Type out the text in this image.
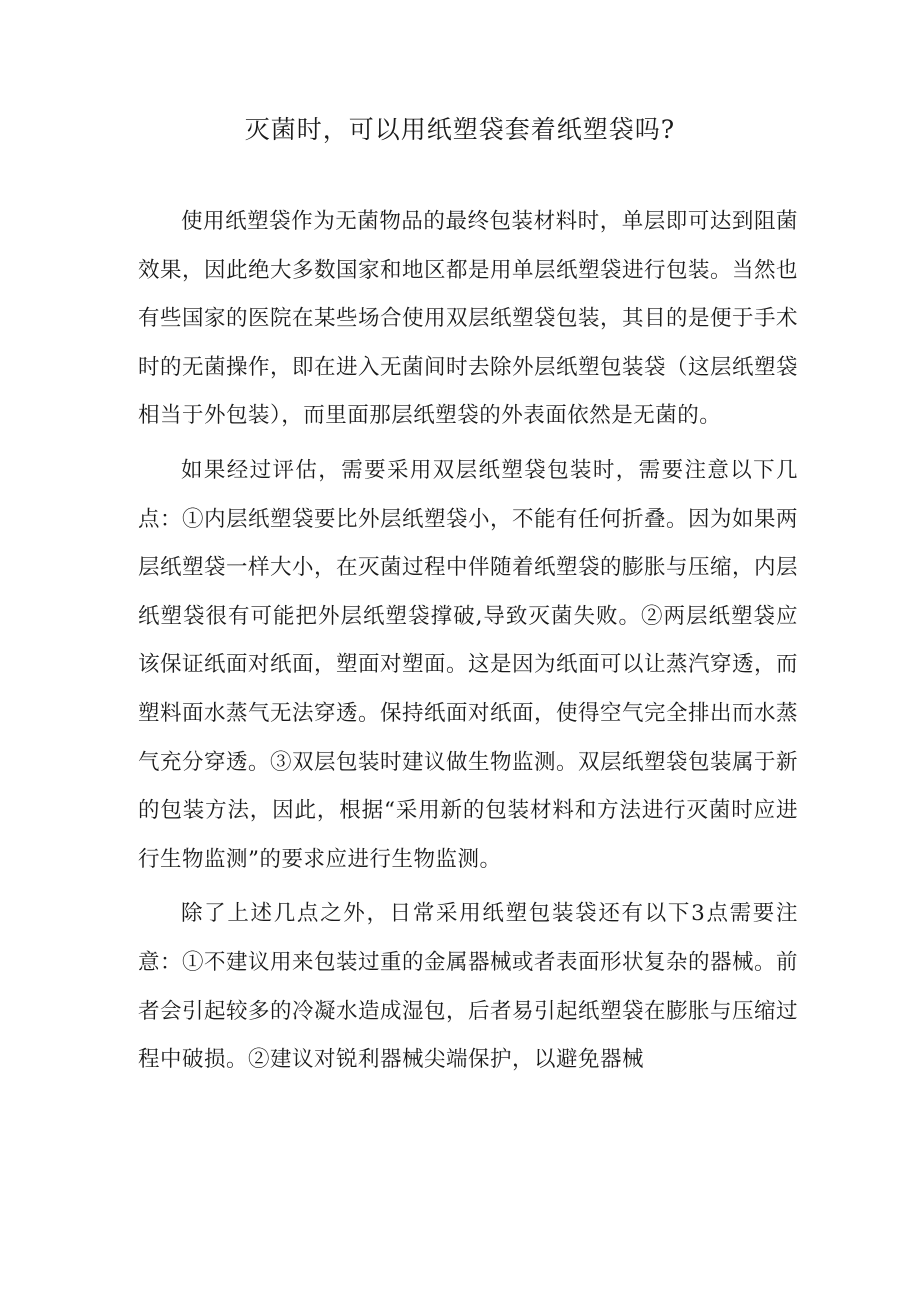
灭菌时，可以用纸塑袋套着纸塑袋吗?

使用纸塑袋作为无菌物品的最终包装材料时，单层即可达到阻菌效果，因此绝大多数国家和地区都是用单层纸塑袋进行包装。当然也有些国家的医院在某些场合使用双层纸塑袋包装，其目的是便于手术时的无菌操作，即在进入无菌间时去除外层纸塑包装袋（这层纸塑袋相当于外包装），而里面那层纸塑袋的外表面依然是无菌的。

如果经过评估，需要采用双层纸塑袋包装时，需要注意以下几点：①内层纸塑袋要比外层纸塑袋小，不能有任何折叠。因为如果两层纸塑袋一样大小，在灭菌过程中伴随着纸塑袋的膨胀与压缩，内层纸塑袋很有可能把外层纸塑袋撑破,导致灭菌失败。②两层纸塑袋应该保证纸面对纸面，塑面对塑面。这是因为纸面可以让蒸汽穿透，而塑料面水蒸气无法穿透。保持纸面对纸面，使得空气完全排出而水蒸气充分穿透。③双层包装时建议做生物监测。双层纸塑袋包装属于新的包装方法，因此，根据“采用新的包装材料和方法进行灭菌时应进行生物监测”的要求应进行生物监测。

除了上述几点之外，日常采用纸塑包装袋还有以下3点需要注意：①不建议用来包装过重的金属器械或者表面形状复杂的器械。前者会引起较多的冷凝水造成湿包，后者易引起纸塑袋在膨胀与压缩过程中破损。②建议对锐利器械尖端保护，以避免器械
